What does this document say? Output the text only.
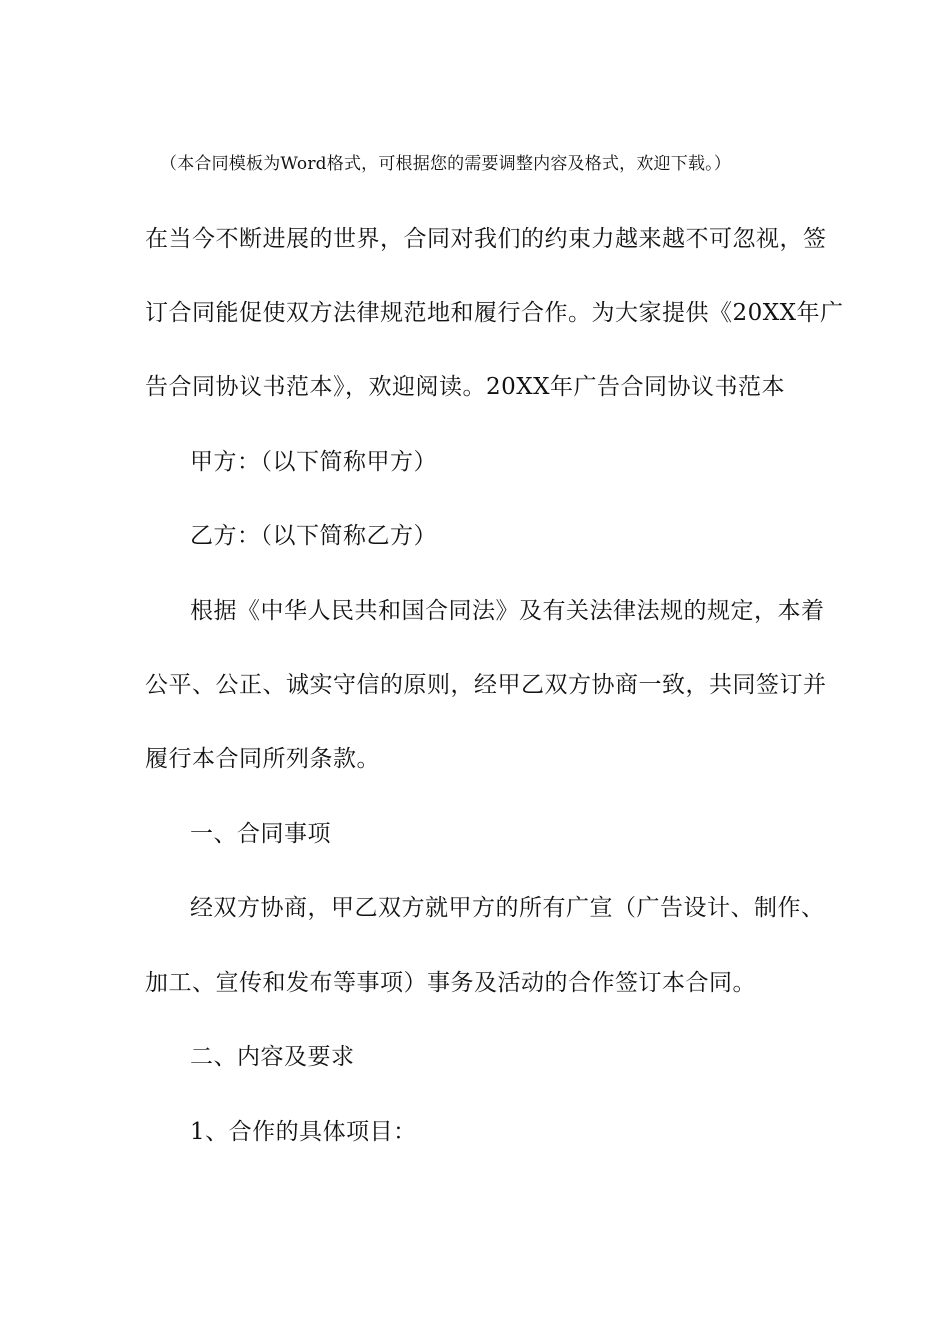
（本合同模板为Word格式，可根据您的需要调整内容及格式，欢迎下载。）
在当今不断进展的世界，合同对我们的约束力越来越不可忽视，签
订合同能促使双方法律规范地和履行合作。为大家提供《20XX年广
告合同协议书范本》，欢迎阅读。20XX年广告合同协议书范本
甲方：（以下简称甲方）
乙方：（以下简称乙方）
根据《中华人民共和国合同法》及有关法律法规的规定，本着
公平、公正、诚实守信的原则，经甲乙双方协商一致，共同签订并
履行本合同所列条款。
一、合同事项
经双方协商，甲乙双方就甲方的所有广宣（广告设计、制作、
加工、宣传和发布等事项）事务及活动的合作签订本合同。
二、内容及要求
1、合作的具体项目：
